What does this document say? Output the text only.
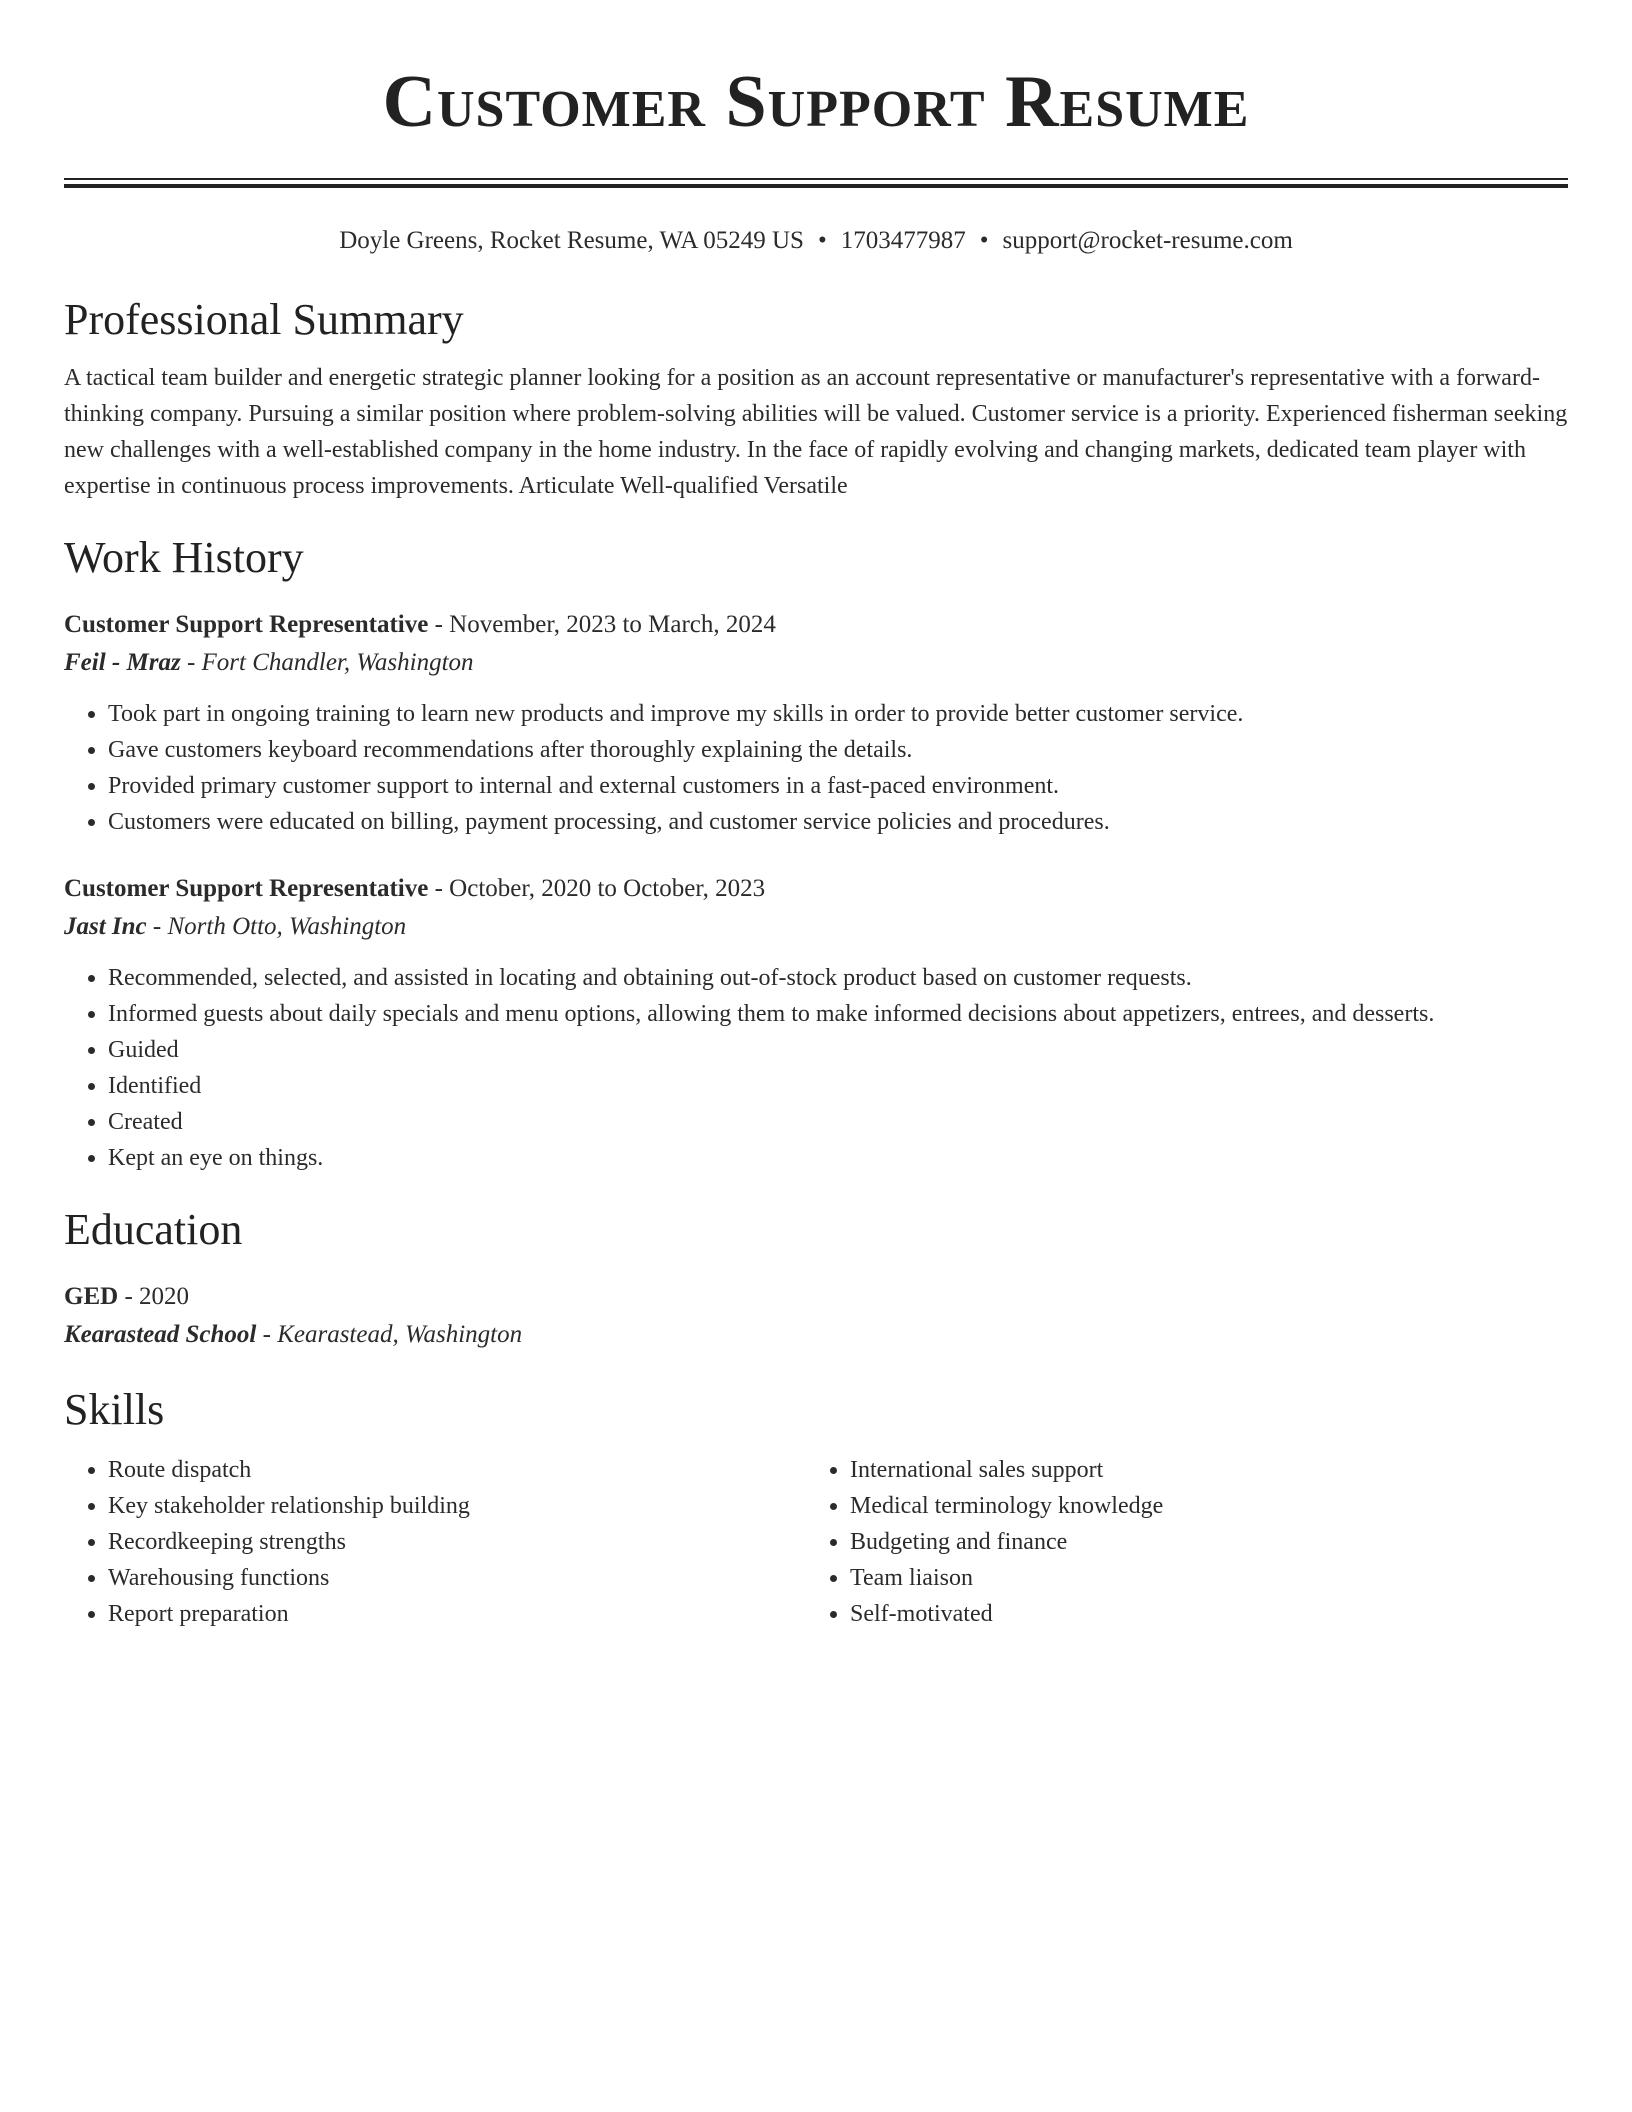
Customer Support Resume
Doyle Greens, Rocket Resume, WA 05249 US • 1703477987 • support@rocket-resume.com
Professional Summary

A tactical team builder and energetic strategic planner looking for a position as an account representative or manufacturer's representative with a forward-thinking company. Pursuing a similar position where problem-solving abilities will be valued. Customer service is a priority. Experienced fisherman seeking new challenges with a well-established company in the home industry. In the face of rapidly evolving and changing markets, dedicated team player with expertise in continuous process improvements. Articulate Well-qualified Versatile

Work History
Customer Support Representative - November, 2023 to March, 2024
Feil - Mraz - Fort Chandler, Washington
• Took part in ongoing training to learn new products and improve my skills in order to provide better customer service.
• Gave customers keyboard recommendations after thoroughly explaining the details.
• Provided primary customer support to internal and external customers in a fast-paced environment.
• Customers were educated on billing, payment processing, and customer service policies and procedures.
Customer Support Representative - October, 2020 to October, 2023
Jast Inc - North Otto, Washington
• Recommended, selected, and assisted in locating and obtaining out-of-stock product based on customer requests.
• Informed guests about daily specials and menu options, allowing them to make informed decisions about appetizers, entrees, and desserts.
• Guided
• Identified
• Created
• Kept an eye on things.
Education
GED - 2020
Kearastead School - Kearastead, Washington
Skills
• Route dispatch
• Key stakeholder relationship building
• Recordkeeping strengths
• Warehousing functions
• Report preparation
• International sales support
• Medical terminology knowledge
• Budgeting and finance
• Team liaison
• Self-motivated
